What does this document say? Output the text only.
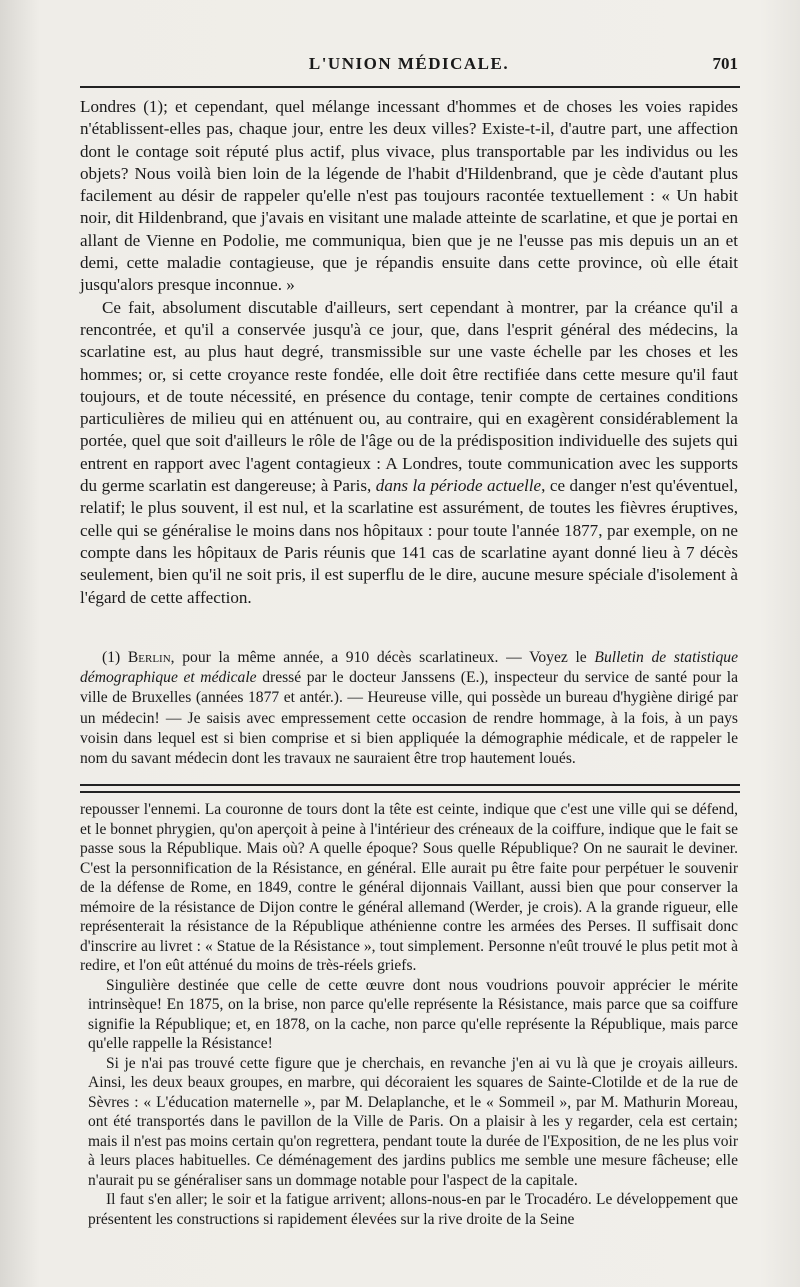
L'UNION MÉDICALE.	701

Londres (1); et cependant, quel mélange incessant d'hommes et de choses les voies rapides n'établissent-elles pas, chaque jour, entre les deux villes? Existe-t-il, d'autre part, une affection dont le contage soit réputé plus actif, plus vivace, plus transportable par les individus ou les objets? Nous voilà bien loin de la légende de l'habit d'Hildenbrand, que je cède d'autant plus facilement au désir de rappeler qu'elle n'est pas toujours racontée textuellement : « Un habit noir, dit Hildenbrand, que j'avais en visitant une malade atteinte de scarlatine, et que je portai en allant de Vienne en Podolie, me communiqua, bien que je ne l'eusse pas mis depuis un an et demi, cette maladie contagieuse, que je répandis ensuite dans cette province, où elle était jusqu'alors presque inconnue. »

Ce fait, absolument discutable d'ailleurs, sert cependant à montrer, par la créance qu'il a rencontrée, et qu'il a conservée jusqu'à ce jour, que, dans l'esprit général des médecins, la scarlatine est, au plus haut degré, transmissible sur une vaste échelle par les choses et les hommes; or, si cette croyance reste fondée, elle doit être rectifiée dans cette mesure qu'il faut toujours, et de toute nécessité, en présence du contage, tenir compte de certaines conditions particulières de milieu qui en atténuent ou, au contraire, qui en exagèrent considérablement la portée, quel que soit d'ailleurs le rôle de l'âge ou de la prédisposition individuelle des sujets qui entrent en rapport avec l'agent contagieux : A Londres, toute communication avec les supports du germe scarlatin est dangereuse; à Paris, dans la période actuelle, ce danger n'est qu'éventuel, relatif; le plus souvent, il est nul, et la scarlatine est assurément, de toutes les fièvres éruptives, celle qui se généralise le moins dans nos hôpitaux : pour toute l'année 1877, par exemple, on ne compte dans les hôpitaux de Paris réunis que 141 cas de scarlatine ayant donné lieu à 7 décès seulement, bien qu'il ne soit pris, il est superflu de le dire, aucune mesure spéciale d'isolement à l'égard de cette affection.

(1) Berlin, pour la même année, a 910 décès scarlatineux. — Voyez le Bulletin de statistique démographique et médicale dressé par le docteur Janssens (E.), inspecteur du service de santé pour la ville de Bruxelles (années 1877 et antér.). — Heureuse ville, qui possède un bureau d'hygiène dirigé par un médecin! — Je saisis avec empressement cette occasion de rendre hommage, à la fois, à un pays voisin dans lequel est si bien comprise et si bien appliquée la démographie médicale, et de rappeler le nom du savant médecin dont les travaux ne sauraient être trop hautement loués.

repousser l'ennemi. La couronne de tours dont la tête est ceinte, indique que c'est une ville qui se défend, et le bonnet phrygien, qu'on aperçoit à peine à l'intérieur des créneaux de la coiffure, indique que le fait se passe sous la République. Mais où? A quelle époque? Sous quelle République? On ne saurait le deviner. C'est la personnification de la Résistance, en général. Elle aurait pu être faite pour perpétuer le souvenir de la défense de Rome, en 1849, contre le général dijonnais Vaillant, aussi bien que pour conserver la mémoire de la résistance de Dijon contre le général allemand (Werder, je crois). A la grande rigueur, elle représenterait la résistance de la République athénienne contre les armées des Perses. Il suffisait donc d'inscrire au livret : « Statue de la Résistance », tout simplement. Personne n'eût trouvé le plus petit mot à redire, et l'on eût atténué du moins de très-réels griefs.

Singulière destinée que celle de cette œuvre dont nous voudrions pouvoir apprécier le mérite intrinsèque! En 1875, on la brise, non parce qu'elle représente la Résistance, mais parce que sa coiffure signifie la République; et, en 1878, on la cache, non parce qu'elle représente la République, mais parce qu'elle rappelle la Résistance!

Si je n'ai pas trouvé cette figure que je cherchais, en revanche j'en ai vu là que je croyais ailleurs. Ainsi, les deux beaux groupes, en marbre, qui décoraient les squares de Sainte-Clotilde et de la rue de Sèvres : « L'éducation maternelle », par M. Delaplanche, et le « Sommeil », par M. Mathurin Moreau, ont été transportés dans le pavillon de la Ville de Paris. On a plaisir à les y regarder, cela est certain; mais il n'est pas moins certain qu'on regrettera, pendant toute la durée de l'Exposition, de ne les plus voir à leurs places habituelles. Ce déménagement des jardins publics me semble une mesure fâcheuse; elle n'aurait pu se généraliser sans un dommage notable pour l'aspect de la capitale.

Il faut s'en aller; le soir et la fatigue arrivent; allons-nous-en par le Trocadéro. Le développement que présentent les constructions si rapidement élevées sur la rive droite de la Seine
